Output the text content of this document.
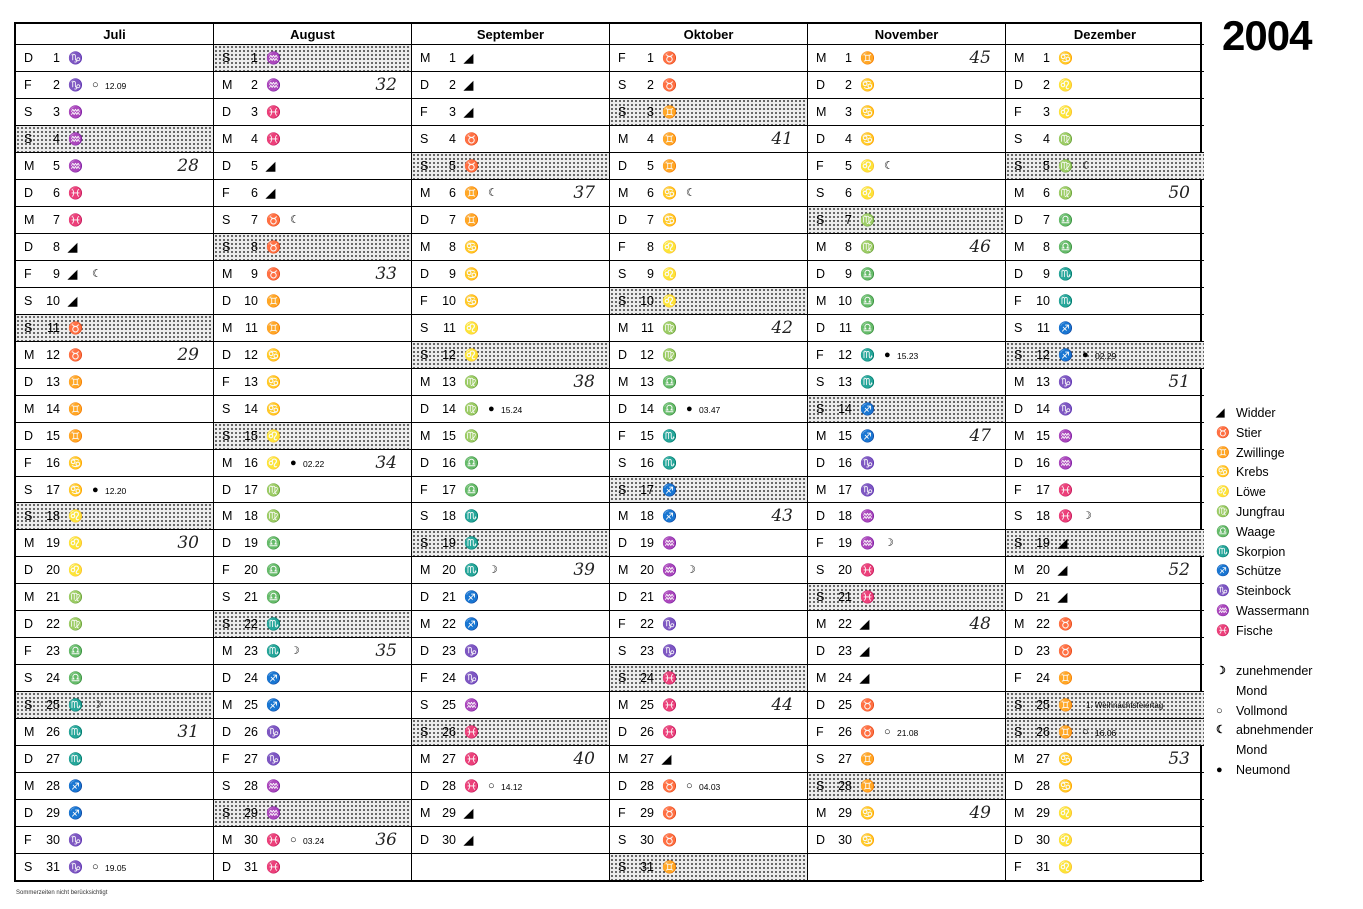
Juli
D	1 ♑
F	2 ♑ ○ 12.09
S	3 ♒
S	4 ♒
M	5 ♒	28
D	6 ♓
M	7 ♓
D	8 ◢
F	9 ◢ ☾
S	10 ◢
S	11 ♉
M 12 ♉	29
D	13 ♊
M 14 ♊
D	15 ♊
F	16 ♋
S	17 ♋ ● 12.20
S	18 ♌
M 19 ♌	30
D	20 ♌
M 21 ♍
D	22 ♍
F	23 ♎
S	24 ♎
S	25 ♏ ☽
M 26 ♏	31
D	27 ♏
M 28 ♐
D	29 ♐
F	30 ♑
S	31 ♑ ○ 19.05
August
S	1 ♒
M	2 ♒	32
D	3 ♓
M	4 ♓
D	5 ◢
F	6 ◢
S	7 ♉ ☾
S	8 ♉
M	9 ♉	33
D	10 ♊
M	11 ♊
D	12 ♋
F	13 ♋
S	14 ♋
S	15 ♌
M 16 ♌ ● 02.22	34
D	17 ♍
M 18 ♍
D	19 ♎
F	20 ♎
S	21 ♎
S	22 ♏
M 23 ♏ ☽	35
D	24 ♐
M 25 ♐
D	26 ♑
F	27 ♑
S	28 ♒
S	29 ♒
M 30 ♓ ○ 03.24	36
D	31 ♓
September
M	1 ◢
D	2 ◢
F	3 ◢
S	4 ♉
S	5 ♉
M	6 ♊ ☾	37
D	7 ♊
M	8 ♋
D	9 ♋
F	10 ♋
S	11 ♌
S	12 ♌
M 13 ♍	38
D	14 ♍ ● 15.24
M 15 ♍
D	16 ♎
F	17 ♎
S	18 ♏
S	19 ♏
M 20 ♏ ☽	39
D	21 ♐
M 22 ♐
D	23 ♑
F	24 ♑
S	25 ♒
S	26 ♓
M 27 ♓	40
D	28 ♓ ○ 14.12
M 29 ◢
D	30 ◢
Oktober
F	1 ♉
S	2 ♉
S	3 ♊
M	4 ♊	41
D	5 ♊
M	6 ♋ ☾
D	7 ♋
F	8 ♌
S	9 ♌
S	10 ♌
M	11 ♍	42
D	12 ♍
M 13 ♎
D	14 ♎ ● 03.47
F	15 ♏
S	16 ♏
S	17 ♐
M 18 ♐	43
D	19 ♒
M 20 ♒ ☽
D	21 ♒
F	22 ♑
S	23 ♑
S	24 ♓
M 25 ♓	44
D	26 ♓
M 27 ◢
D	28 ♉ ○ 04.03
F	29 ♉
S	30 ♉
S	31 ♊
November
M	1 ♊	45
D	2 ♋
M	3 ♋
D	4 ♋
F	5 ♌ ☾
S	6 ♌
S	7 ♍
M	8 ♍	46
D	9 ♎
M 10 ♎
D	11 ♎
F	12 ♏ ● 15.23
S	13 ♏
S	14 ♐
M 15 ♐	47
D	16 ♑
M 17 ♑
D	18 ♒
F	19 ♒ ☽
S	20 ♓
S	21 ♓
M 22 ◢	48
D	23 ◢
M 24 ◢
D	25 ♉
F	26 ♉ ○ 21.08
S	27 ♊
S	28 ♊
M 29 ♋	49
D	30 ♋
Dezember
M	1 ♋
D	2 ♌
F	3 ♌
S	4 ♍
S	5 ♍ ☾
M	6 ♍	50
D	7 ♎
M	8 ♎
D	9 ♏
F	10 ♏
S	11 ♐
S	12 ♐ ● 02.29
M 13 ♑	51
D	14 ♑
M 15 ♒
D	16 ♒
F	17 ♓
S	18 ♓ ☽
S	19 ◢
M 20 ◢	52
D	21 ◢
M 22 ♉
D	23 ♉
F	24 ♊
S	25 ♊ 1. Weihnachtsfeiertag
S	26 ♊ ○ 16.06
M 27 ♋	53
D	28 ♋
M 29 ♌
D	30 ♌
F	31 ♌
2004
◢ Widder
♉ Stier
♊ Zwillinge
♋ Krebs
♌ Löwe
♍ Jungfrau
♎ Waage
♏ Skorpion
♐ Schütze
♑ Steinbock
♒ Wassermann
♓ Fische
☽ zunehmender
Mond
○	Vollmond
☾ abnehmender
Mond
●	Neumond
Sommerzeiten nicht berücksichtigt
